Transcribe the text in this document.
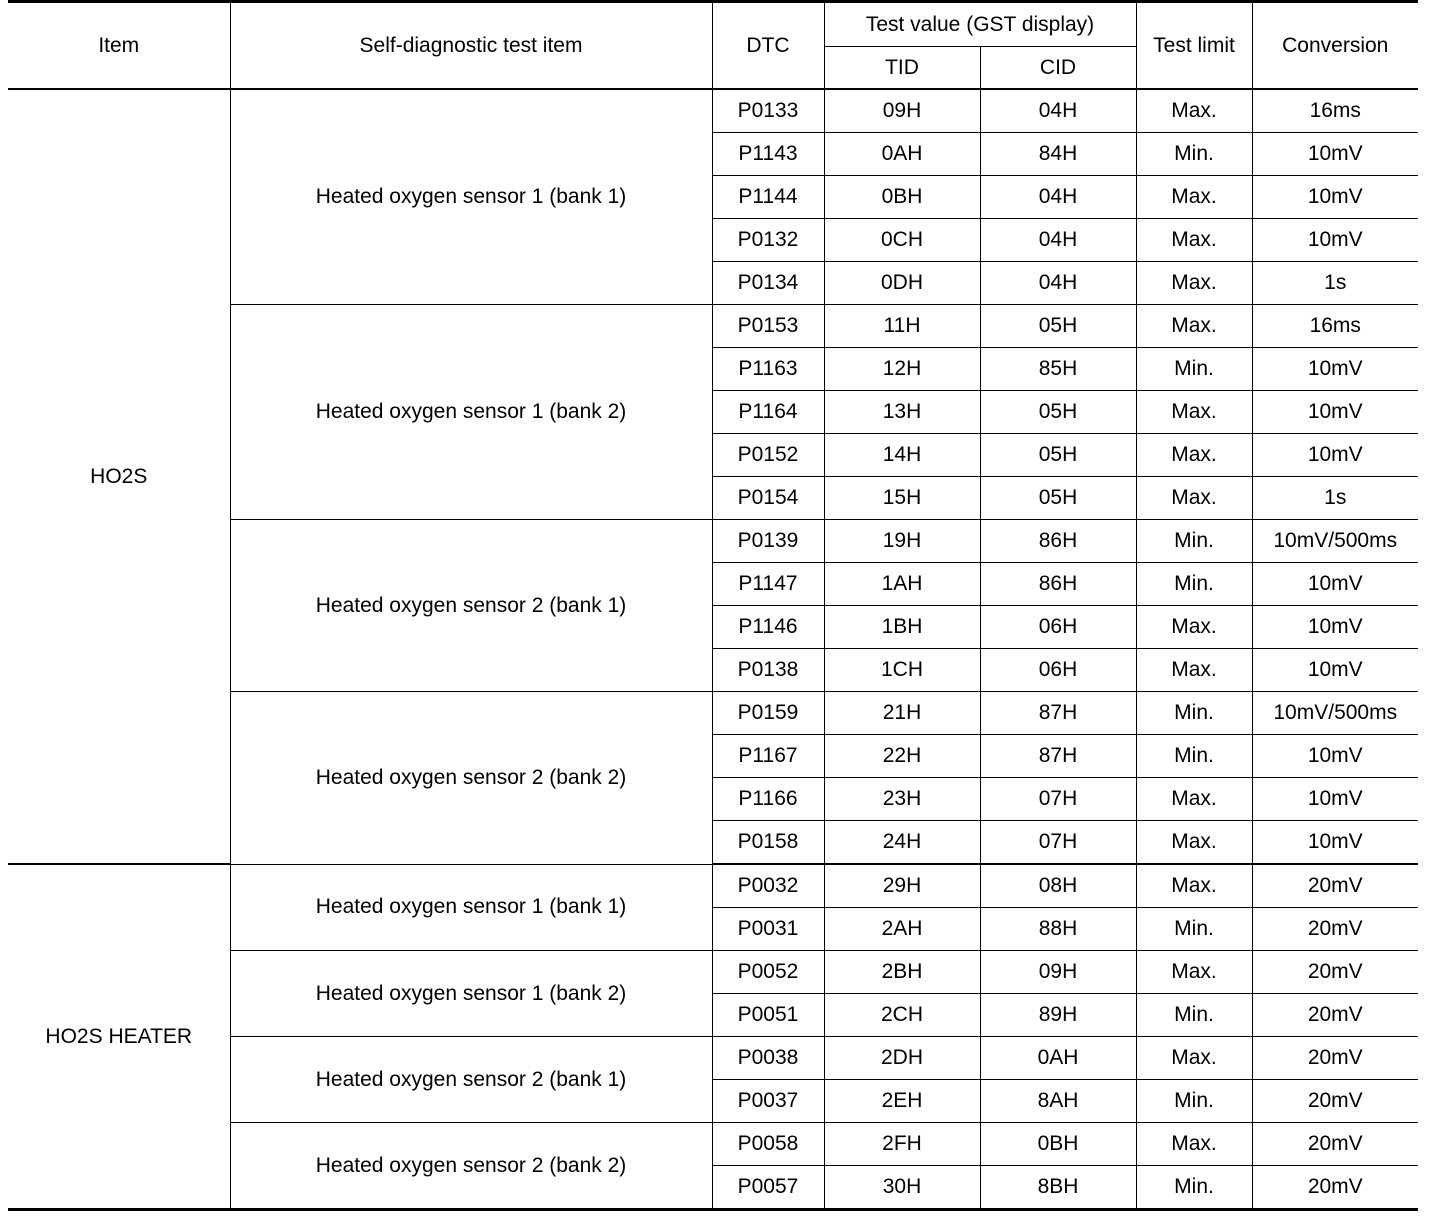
Item	Self-diagnostic test item	DTC	Test value (GST display)		Test limit	Conversion
			TID	CID		
HO2S	Heated oxygen sensor 1 (bank 1)	P0133	09H	04H	Max.	16ms
		P1143	0AH	84H	Min.	10mV
		P1144	0BH	04H	Max.	10mV
		P0132	0CH	04H	Max.	10mV
		P0134	0DH	04H	Max.	1s
	Heated oxygen sensor 1 (bank 2)	P0153	11H	05H	Max.	16ms
		P1163	12H	85H	Min.	10mV
		P1164	13H	05H	Max.	10mV
		P0152	14H	05H	Max.	10mV
		P0154	15H	05H	Max.	1s
	Heated oxygen sensor 2 (bank 1)	P0139	19H	86H	Min.	10mV/500ms
		P1147	1AH	86H	Min.	10mV
		P1146	1BH	06H	Max.	10mV
		P0138	1CH	06H	Max.	10mV
	Heated oxygen sensor 2 (bank 2)	P0159	21H	87H	Min.	10mV/500ms
		P1167	22H	87H	Min.	10mV
		P1166	23H	07H	Max.	10mV
		P0158	24H	07H	Max.	10mV
HO2S HEATER	Heated oxygen sensor 1 (bank 1)	P0032	29H	08H	Max.	20mV
		P0031	2AH	88H	Min.	20mV
	Heated oxygen sensor 1 (bank 2)	P0052	2BH	09H	Max.	20mV
		P0051	2CH	89H	Min.	20mV
	Heated oxygen sensor 2 (bank 1)	P0038	2DH	0AH	Max.	20mV
		P0037	2EH	8AH	Min.	20mV
	Heated oxygen sensor 2 (bank 2)	P0058	2FH	0BH	Max.	20mV
		P0057	30H	8BH	Min.	20mV
